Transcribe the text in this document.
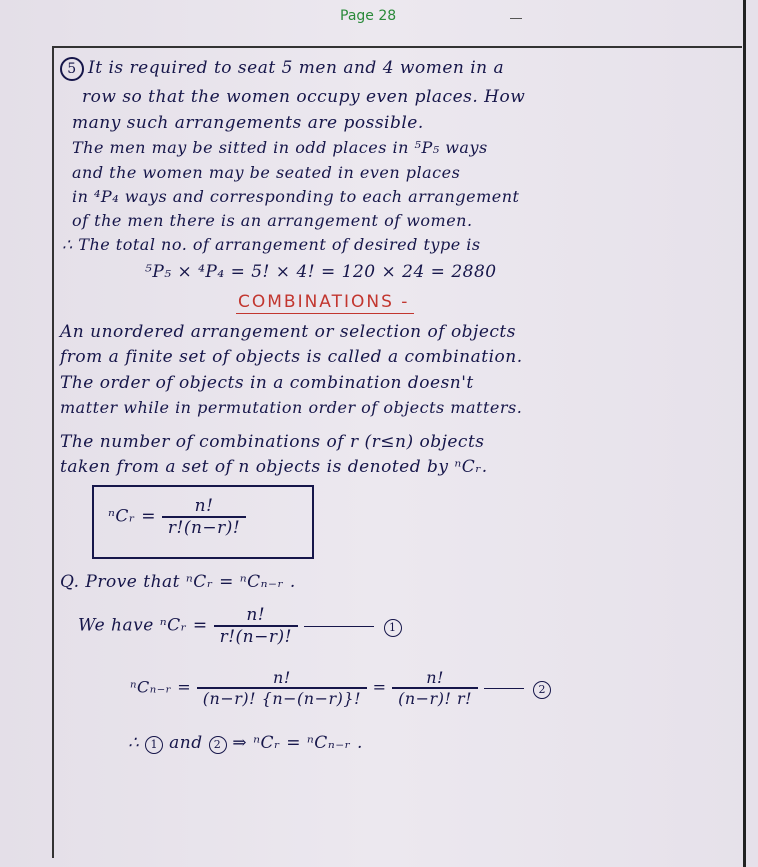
Page 28
5 It is required to seat 5 men and 4 women in a
row so that the women occupy even places. How
many such arrangements are possible.
The men may be sitted in odd places in ⁵P₅ ways
and the women may be seated in even places
in ⁴P₄ ways and corresponding to each arrangement
of the men there is an arrangement of women.
∴ The total no. of arrangement of desired type is
⁵P₅ × ⁴P₄ = 5! × 4! = 120 × 24 = 2880
COMBINATIONS -
An unordered arrangement or selection of objects
from a finite set of objects is called a combination.
The order of objects in a combination doesn't
matter while in permutation order of objects matters.
The number of combinations of r (r≤n) objects
taken from a set of n objects is denoted by ⁿCᵣ.
ⁿCᵣ = $\frac{n!}{r!(n-r)!}$
Q. Prove that ⁿCᵣ = ⁿCₙ₋ᵣ .
We have ⁿCᵣ = $\frac{n!}{r!(n-r)!}$	1
ⁿCₙ₋ᵣ = $\frac{n!}{(n-r)! \{n-(n-r)\}!} = \frac{n!}{(n-r)! r!}$	2
∴ 1 and 2 ⇒ ⁿCᵣ = ⁿCₙ₋ᵣ .
